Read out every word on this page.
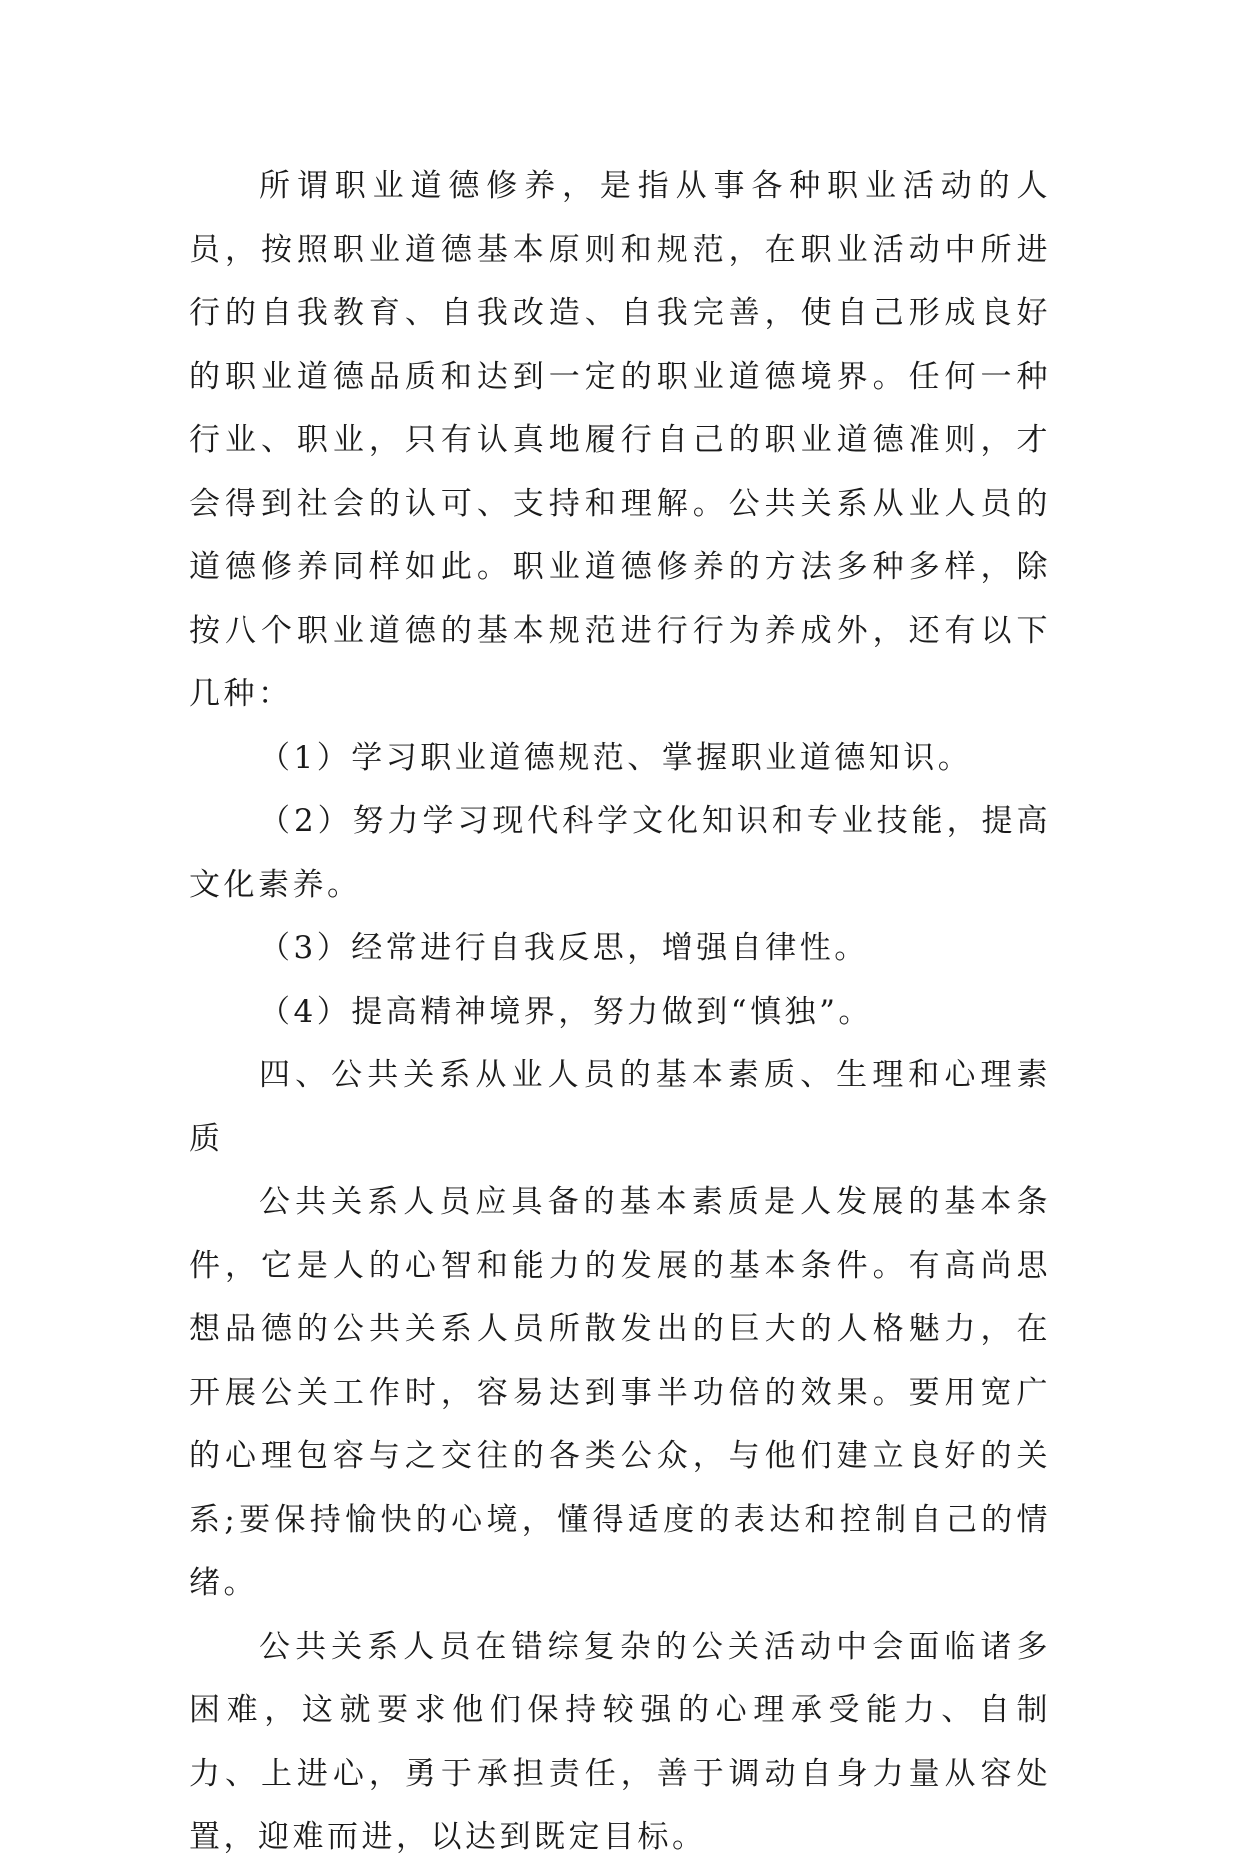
所谓职业道德修养，是指从事各种职业活动的人员，按照职业道德基本原则和规范，在职业活动中所进行的自我教育、自我改造、自我完善，使自己形成良好的职业道德品质和达到一定的职业道德境界。任何一种行业、职业，只有认真地履行自己的职业道德准则，才会得到社会的认可、支持和理解。公共关系从业人员的道德修养同样如此。职业道德修养的方法多种多样，除按八个职业道德的基本规范进行行为养成外，还有以下几种：

（1）学习职业道德规范、掌握职业道德知识。

（2）努力学习现代科学文化知识和专业技能，提高文化素养。

（3）经常进行自我反思，增强自律性。

（4）提高精神境界，努力做到“慎独”。

四、公共关系从业人员的基本素质、生理和心理素质

公共关系人员应具备的基本素质是人发展的基本条件，它是人的心智和能力的发展的基本条件。有高尚思想品德的公共关系人员所散发出的巨大的人格魅力，在开展公关工作时，容易达到事半功倍的效果。要用宽广的心理包容与之交往的各类公众，与他们建立良好的关系;要保持愉快的心境，懂得适度的表达和控制自己的情绪。

公共关系人员在错综复杂的公关活动中会面临诸多困难，这就要求他们保持较强的心理承受能力、自制力、上进心，勇于承担责任，善于调动自身力量从容处置，迎难而进，以达到既定目标。
